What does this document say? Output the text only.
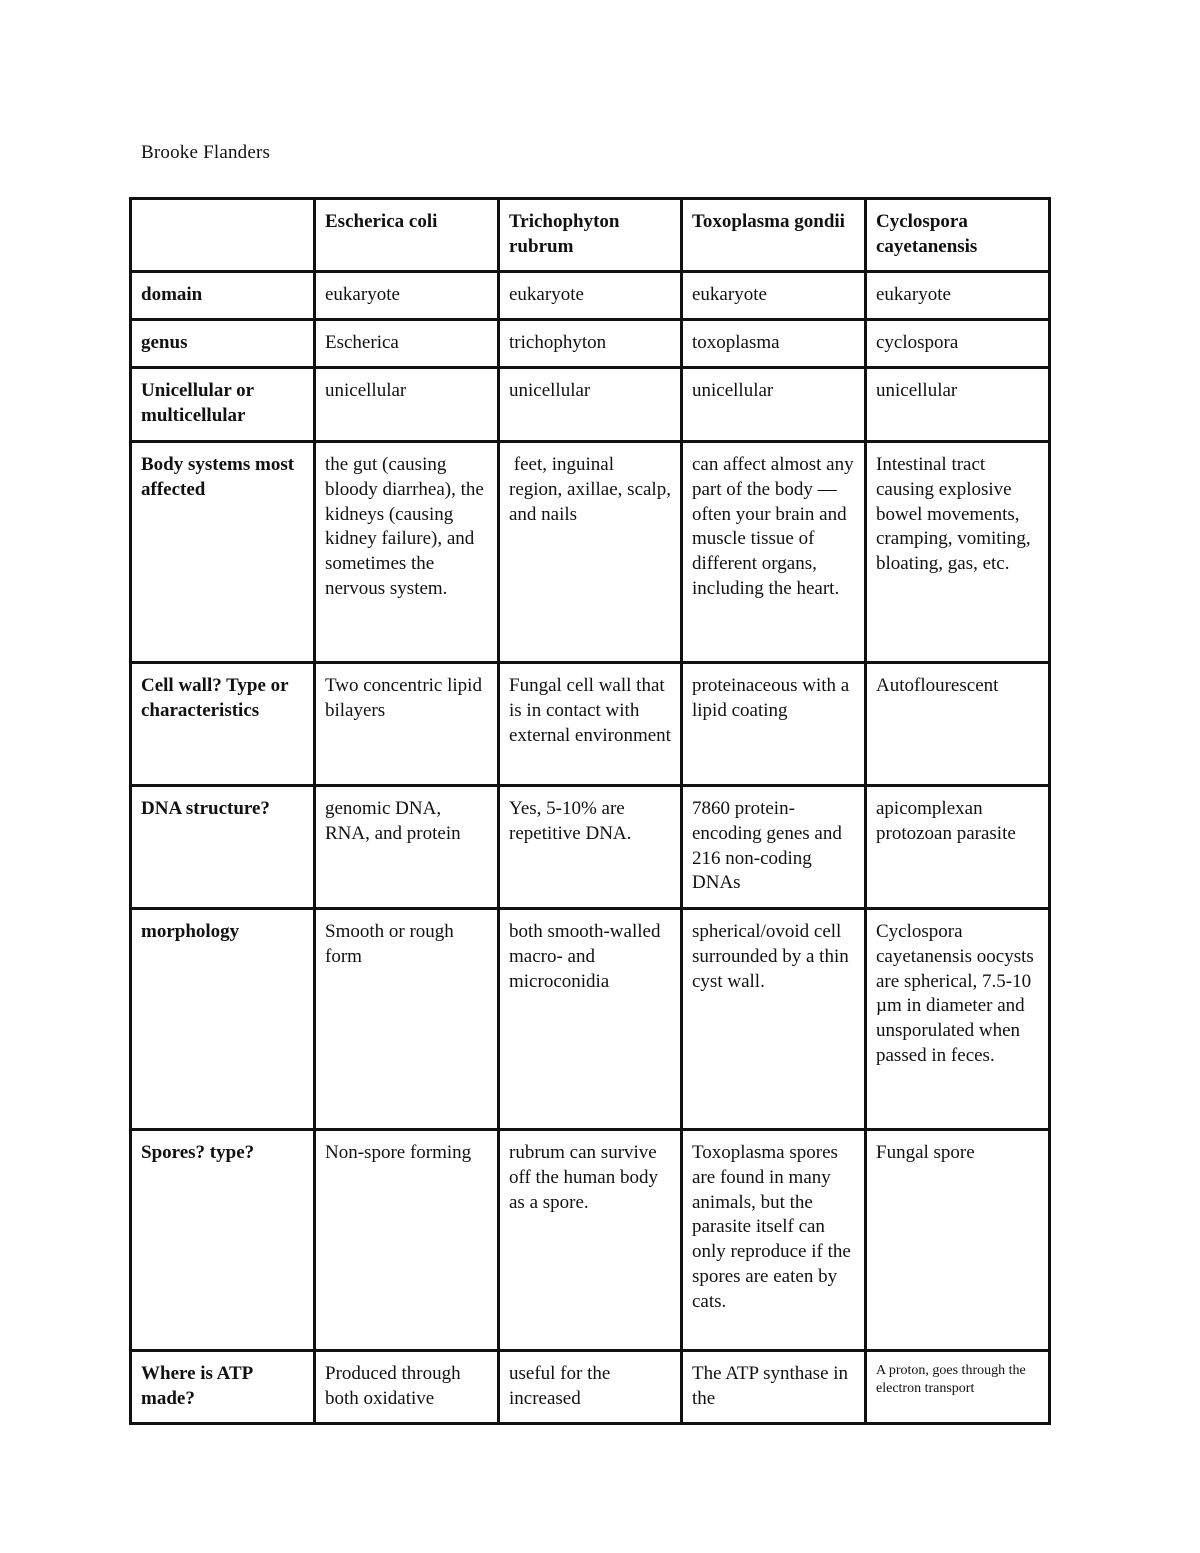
Brooke Flanders
	Escherica coli	Trichophyton rubrum	Toxoplasma gondii	Cyclospora cayetanensis
domain	eukaryote	eukaryote	eukaryote	eukaryote
genus	Escherica	trichophyton	toxoplasma	cyclospora
Unicellular or multicellular	unicellular	unicellular	unicellular	unicellular
Body systems most affected	the gut (causing bloody diarrhea), the kidneys (causing kidney failure), and sometimes the nervous system.	feet, inguinal region, axillae, scalp, and nails	can affect almost any part of the body — often your brain and muscle tissue of different organs, including the heart.	Intestinal tract causing explosive bowel movements, cramping, vomiting, bloating, gas, etc.
Cell wall? Type or characteristics	Two concentric lipid bilayers	Fungal cell wall that is in contact with external environment	proteinaceous with a lipid coating	Autoflourescent
DNA structure?	genomic DNA, RNA, and protein	Yes, 5-10% are repetitive DNA.	7860 protein-encoding genes and 216 non-coding DNAs	apicomplexan protozoan parasite
morphology	Smooth or rough form	both smooth-walled macro- and microconidia	spherical/ovoid cell surrounded by a thin cyst wall.	Cyclospora cayetanensis oocysts are spherical, 7.5-10 µm in diameter and unsporulated when passed in feces.
Spores? type?	Non-spore forming	rubrum can survive off the human body as a spore.	Toxoplasma spores are found in many animals, but the parasite itself can only reproduce if the spores are eaten by cats.	Fungal spore
Where is ATP made?	Produced through both oxidative	useful for the increased	The ATP synthase in the	A proton, goes through the electron transport
